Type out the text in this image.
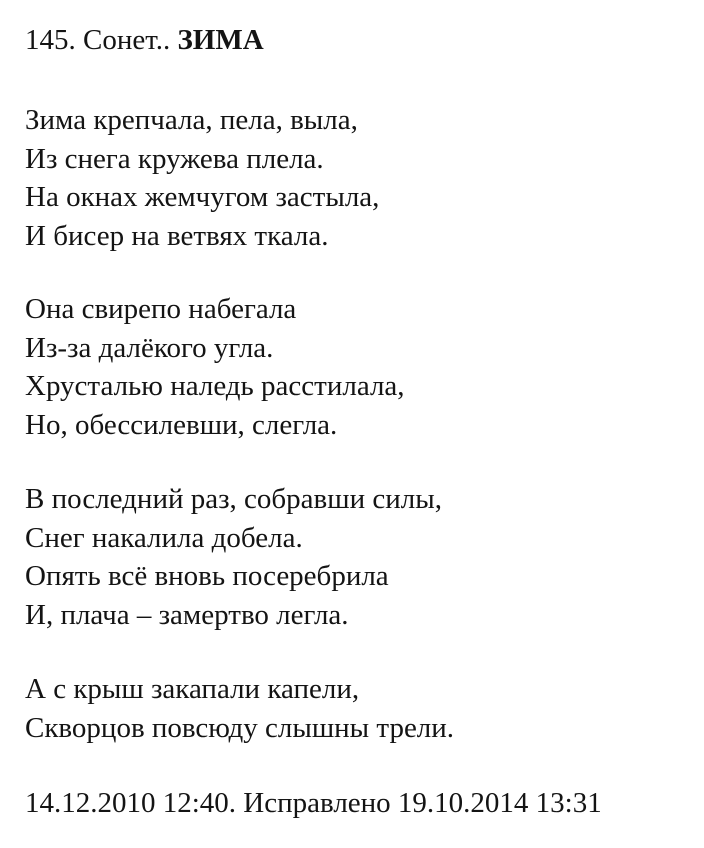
145. Сонет.. ЗИМА
Зима крепчала, пела, выла,
Из снега кружева плела.
На окнах жемчугом застыла,
И бисер на ветвях ткала.
Она свирепо набегала
Из-за далёкого угла.
Хрусталью наледь расстилала,
Но, обессилевши, слегла.
В последний раз, собравши силы,
Снег накалила добела.
Опять всё вновь посеребрила
И, плача – замертво легла.
А с крыш закапали капели,
Скворцов повсюду слышны трели.
14.12.2010 12:40. Исправлено 19.10.2014 13:31
